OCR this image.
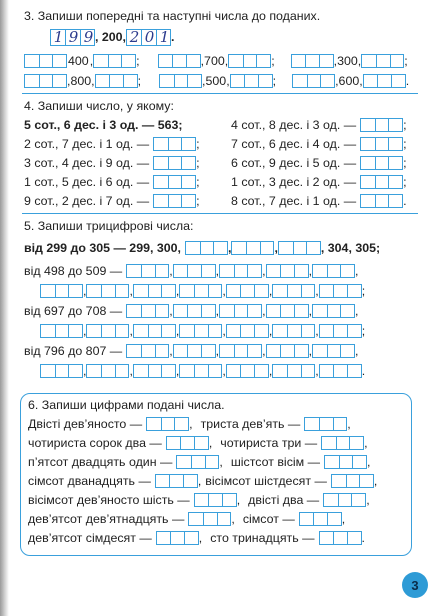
3. Запиши попередні та наступні числа до поданих.
1 9 9 , 200, 2 0 1 .
400 ,	;	, 700 ,	;	, 300 ,	;
, 800 ,	;	, 500 ,	;	, 600 ,	.
4. Запиши число, у якому:
5 сот., 6 дес. і 3 од. — 563;	4 сот., 8 дес. і 3 од. —	;
2 сот., 7 дес. і 1 од. —	;	7 сот., 6 дес. і 4 од. —	;
3 сот., 4 дес. і 9 од. —	;	6 сот., 9 дес. і 5 од. —	;
1 сот., 5 дес. і 6 од. —	;	1 сот., 3 дес. і 2 од. —	;
9 сот., 2 дес. і 7 од. —	;	8 сот., 7 дес. і 1 од. —	.
5. Запиши трицифрові числа:
від 299 до 305 — 299, 300,	,	,	, 304, 305;
від 498 до 509 —	,	,	,	,	,
,	,	,	,	,	,	;
від 697 до 708 —	,	,	,	,	,
,	,	,	,	,	,	;
від 796 до 807 —	,	,	,	,	,
,	,	,	,	,	,	.
6. Запиши цифрами подані числа.
Двісті дев’яносто —	, триста дев’ять —	,
чотириста сорок два —	, чотириста три —	,
п’ятсот двадцять один —	, шістсот вісім —	,
сімсот дванадцять —	, вісімсот шістдесят —	,
вісімсот дев’яносто шість —	, двісті два —	,
дев’ятсот дев’ятнадцять —	, сімсот —	,
дев’ятсот сімдесят —	, сто тринадцять —	.
3
